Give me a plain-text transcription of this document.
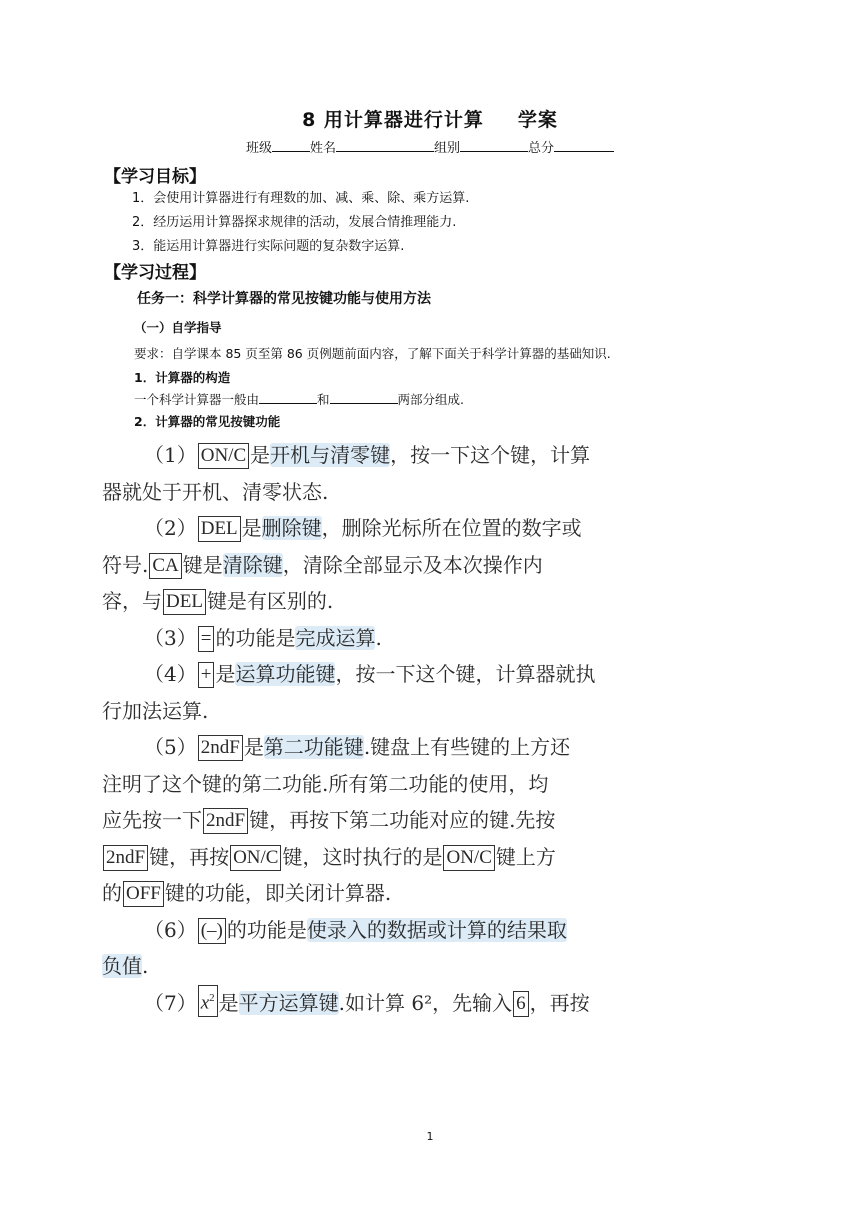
8 用计算器进行计算 学案
班级	姓名	组别	总分
【学习目标】
1．会使用计算器进行有理数的加、减、乘、除、乘方运算.
2．经历运用计算器探求规律的活动，发展合情推理能力.
3．能运用计算器进行实际问题的复杂数字运算.
【学习过程】
任务一：科学计算器的常见按键功能与使用方法
（一）自学指导
要求：自学课本 85 页至第 86 页例题前面内容，了解下面关于科学计算器的基础知识.
1．计算器的构造
一个科学计算器一般由	和	两部分组成.
2．计算器的常见按键功能
（1） ON/C 是开机与清零键，按一下这个键，计算
器就处于开机、清零状态.
（2） DEL 是删除键，删除光标所在位置的数字或
符号. CA 键是清除键，清除全部显示及本次操作内
容，与 DEL 键是有区别的.
（3） = 的功能是完成运算.
（4） + 是运算功能键，按一下这个键，计算器就执
行加法运算.
（5） 2ndF 是第二功能键.键盘上有些键的上方还
注明了这个键的第二功能.所有第二功能的使用，均
应先按一下 2ndF 键，再按下第二功能对应的键.先按
2ndF 键，再按 ON/C 键，这时执行的是 ON/C 键上方
的 OFF 键的功能，即关闭计算器.
（6） (–) 的功能是使录入的数据或计算的结果取
负值.
（7） $x^2$ 是平方运算键.如计算 6²，先输入 6 ，再按
1
